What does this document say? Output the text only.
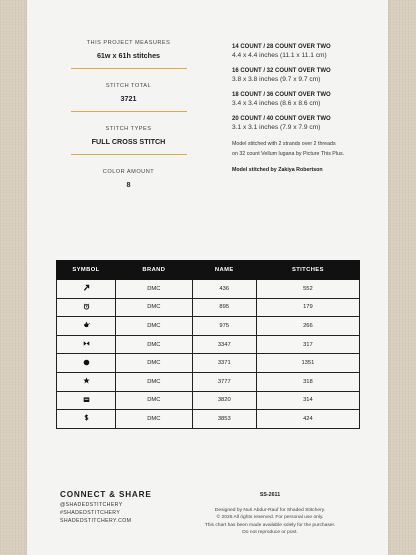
THIS PROJECT MEASURES
61w x 61h stitches
STITCH TOTAL
3721
STITCH TYPES
FULL CROSS STITCH
COLOR AMOUNT
8
14 COUNT / 28 COUNT OVER TWO
4.4 x 4.4 inches (11.1 x 11.1 cm)
16 COUNT / 32 COUNT OVER TWO
3.8 x 3.8 inches (9.7 x 9.7 cm)
18 COUNT / 36 COUNT OVER TWO
3.4 x 3.4 inches (8.6 x 8.6 cm)
20 COUNT / 40 COUNT OVER TWO
3.1 x 3.1 inches (7.9 x 7.9 cm)
Model stitched with 2 strands over 2 threads
on 32 count Vellum lugana by Picture This Plus.
Model stitched by Zakiya Robertson
SYMBOL	BRAND	NAME	STITCHES
	DMC	436	552
	DMC	895	179
	DMC	975	266
	DMC	3347	317
	DMC	3371	1351
	DMC	3777	318
	DMC	3820	314
	DMC	3853	424
CONNECT & SHARE
@SHADEDSTITCHERY
#SHADEDSTITCHERY
SHADEDSTITCHERY.COM
SS-2611
Designed by Nuri Abdur-Rauf for Shaded Stitchery.
© 2026 All rights reserved. For personal use only.
This chart has been made available solely for the purchaser.
Do not reproduce or post.
